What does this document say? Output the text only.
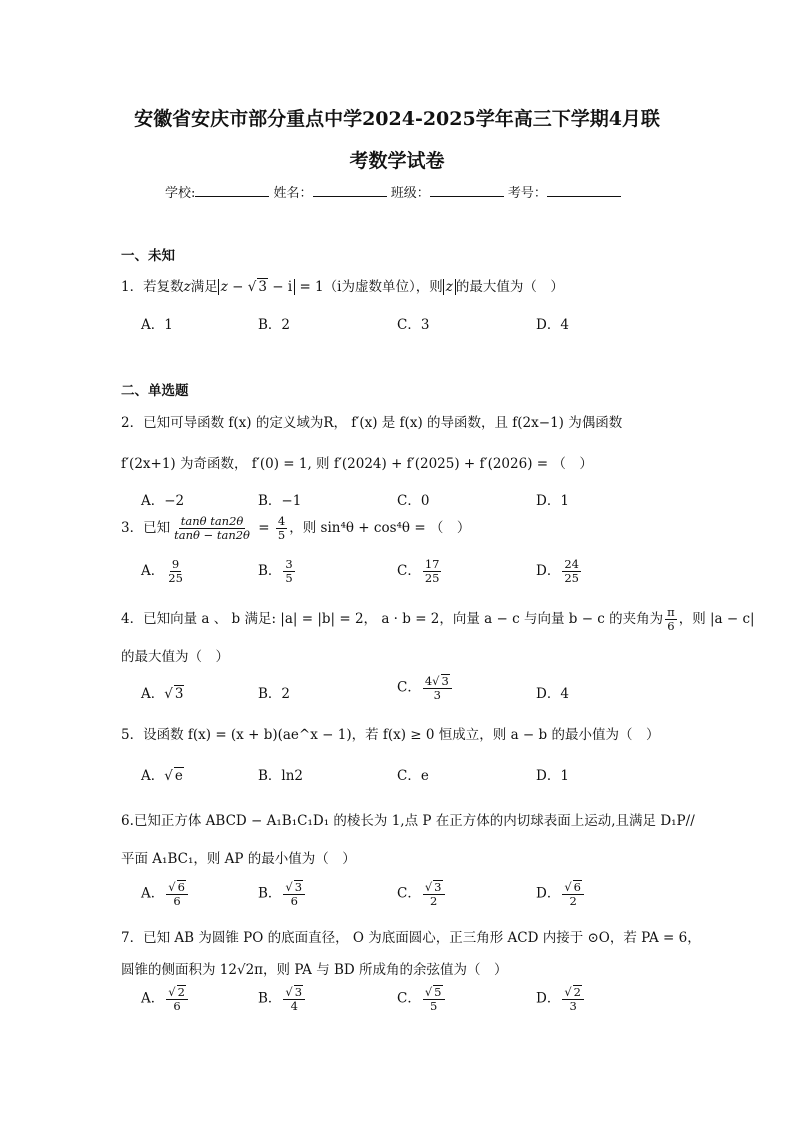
安徽省安庆市部分重点中学2024-2025学年高三下学期4月联
考数学试卷
学校:	姓名：	班级：	考号：
一、未知
1．若复数z满足 z − √ 3 − i = 1（i为虚数单位），则 z 的最大值为（　）
A．1	B．2	C．3	D．4
二、单选题
2．已知可导函数 f(x) 的定义域为R， f′(x) 是 f(x) 的导函数，且 f(2x−1) 为偶函数
f′(2x+1) 为奇函数， f′(0) = 1, 则 f′(2024) + f′(2025) + f′(2026) = （　）
A．−2	B．−1	C．0	D．1
3．已知 $\frac{\text{tanθ tan2θ}}{\tan\theta - \tan 2\theta} = \frac{4}{5}$ ，则 sin⁴θ + cos⁴θ = （　）
A． $\frac{9}{25}$	B． $\frac{3}{5}$	C． $\frac{17}{25}$	D． $\frac{24}{25}$
4．已知向量 a 、 b 满足: |a| = |b| = 2， a · b = 2，向量 a − c 与向量 b − c 的夹角为 $\frac{\pi}{6}$ ，则 |a − c|
的最大值为（　）
A． √ 3	B．2	C． $\frac{4 √ 3}{3}$	D．4
5．设函数 f(x) = (x + b)(ae^x − 1)，若 f(x) ≥ 0 恒成立，则 a − b 的最小值为（　）
A． √ e	B．ln2	C．e	D．1
6.已知正方体 ABCD − A₁B₁C₁D₁ 的棱长为 1,点 P 在正方体的内切球表面上运动,且满足 D₁P//
平面 A₁BC₁，则 AP 的最小值为（　）
A． √ $\frac{6}{6}$	B． √ $\frac{3}{6}$	C． √ $\frac{3}{2}$	D． √ $\frac{6}{2}$
7．已知 AB 为圆锥 PO 的底面直径， O 为底面圆心，正三角形 ACD 内接于 ⊙O，若 PA = 6，
圆锥的侧面积为 12√2π，则 PA 与 BD 所成角的余弦值为（　）
A． √ $\frac{2}{6}$	B． √ $\frac{3}{4}$	C． √ $\frac{5}{5}$	D． √ $\frac{2}{3}$
